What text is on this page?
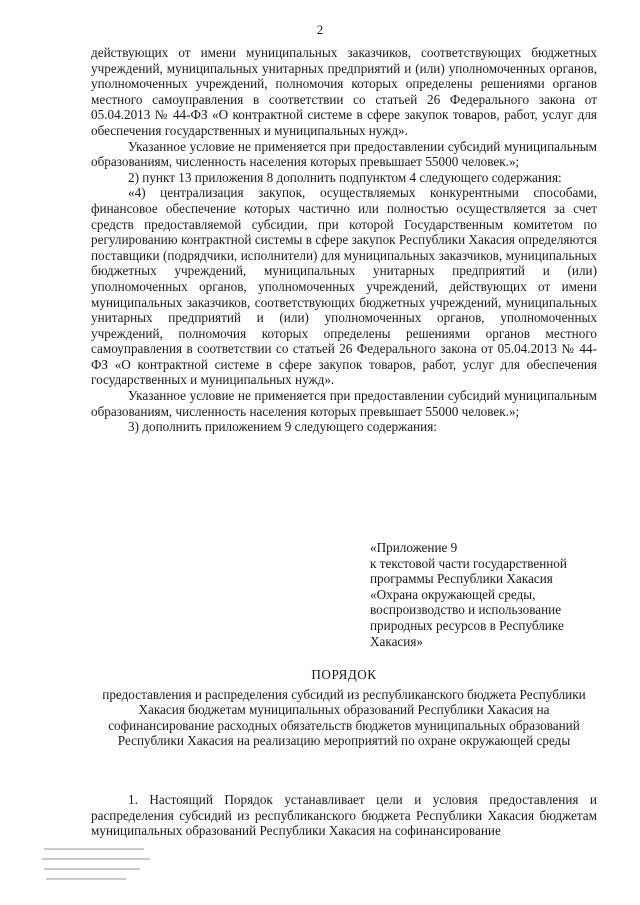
2

действующих от имени муниципальных заказчиков, соответствующих бюджетных учреждений, муниципальных унитарных предприятий и (или) уполномоченных органов, уполномоченных учреждений, полномочия которых определены решениями органов местного самоуправления в соответствии со статьей 26 Федерального закона от 05.04.2013 № 44-ФЗ «О контрактной системе в сфере закупок товаров, работ, услуг для обеспечения государственных и муниципальных нужд».

Указанное условие не применяется при предоставлении субсидий муниципальным образованиям, численность населения которых превышает 55000 человек.»;

2) пункт 13 приложения 8 дополнить подпунктом 4 следующего содержания:

«4) централизация закупок, осуществляемых конкурентными способами, финансовое обеспечение которых частично или полностью осуществляется за счет средств предоставляемой субсидии, при которой Государственным комитетом по регулированию контрактной системы в сфере закупок Республики Хакасия определяются поставщики (подрядчики, исполнители) для муниципальных заказчиков, муниципальных бюджетных учреждений, муниципальных унитарных предприятий и (или) уполномоченных органов, уполномоченных учреждений, действующих от имени муниципальных заказчиков, соответствующих бюджетных учреждений, муниципальных унитарных предприятий и (или) уполномоченных органов, уполномоченных учреждений, полномочия которых определены решениями органов местного самоуправления в соответствии со статьей 26 Федерального закона от 05.04.2013 № 44-ФЗ «О контрактной системе в сфере закупок товаров, работ, услуг для обеспечения государственных и муниципальных нужд».

Указанное условие не применяется при предоставлении субсидий муниципальным образованиям, численность населения которых превышает 55000 человек.»;

3) дополнить приложением 9 следующего содержания:

«Приложение 9
к текстовой части государственной
программы Республики Хакасия
«Охрана окружающей среды,
воспроизводство и использование
природных ресурсов в Республике
Хакасия»
ПОРЯДОК
предоставления и распределения субсидий из республиканского бюджета Республики Хакасия бюджетам муниципальных образований Республики Хакасия на софинансирование расходных обязательств бюджетов муниципальных образований Республики Хакасия на реализацию мероприятий по охране окружающей среды

1. Настоящий Порядок устанавливает цели и условия предоставления и распределения субсидий из республиканского бюджета Республики Хакасия бюджетам муниципальных образований Республики Хакасия на софинансирование
